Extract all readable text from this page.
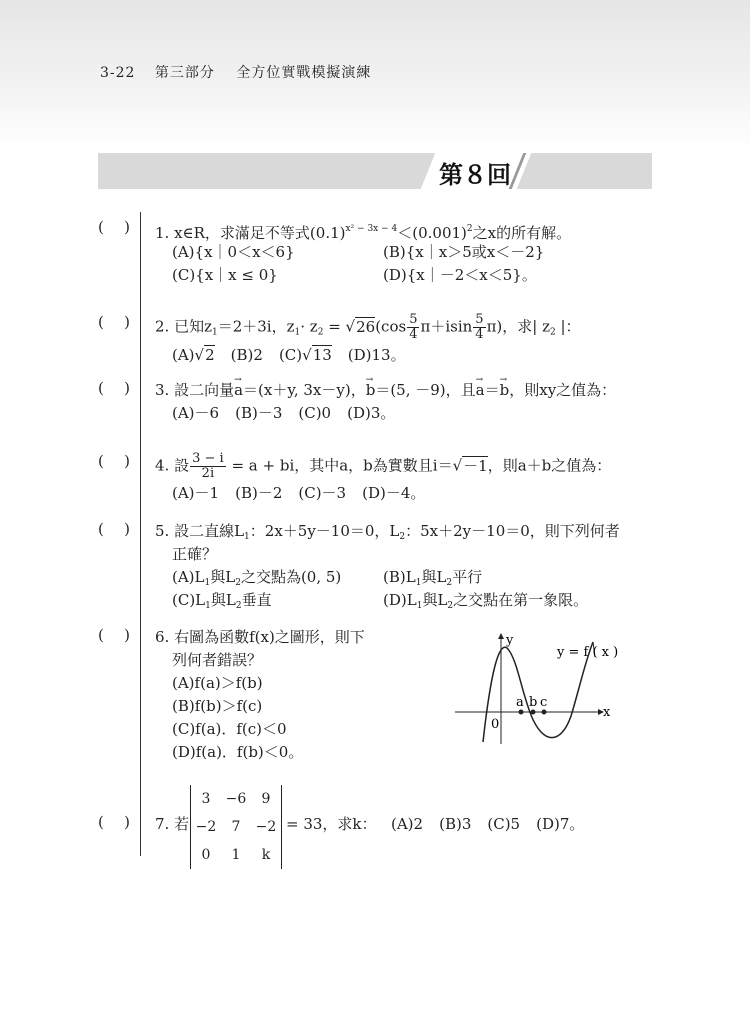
3-22 第三部分 全方位實戰模擬演練
第８回
( ) 1. x∈R，求滿足不等式$(0.1)^{x^2 - 3x - 4}<(0.001)^2$之x的所有解。
(A){x｜0＜x＜6}	(B){x｜x＞5或x＜－2}
(C){x｜x ≤ 0}	(D){x｜－2＜x＜5}。
( ) 2. 已知$z_1=2+3i$，$z_1\cdot z_2 = √26(\cos \frac{5}{4} \pi+isin \frac{5}{4} \pi)$，求| $z_2$ |：
(A)√2 (B)2 (C)√13 (D)13。
( ) 3. 設二向量→ a＝(x＋y, 3x－y)，→ b＝(5, －9)，且→ a＝→ b，則xy之值為：
(A)－6 (B)－3 (C)0 (D)3。
( ) 4. 設 $\frac{3 - i}{2i} = a$ + bi，其中a，b為實數且i＝√－1，則a＋b之值為：
(A)－1 (B)－2 (C)－3 (D)－4。
( ) 5. 設二直線$L_1$：2x＋5y－10＝0，$L_2$：5x＋2y－10＝0，則下列何者
正確？
$(A)L_1$與$L_2$之交點為(0, 5)	$(B)L_1$與$L_2$平行
$(C)L_1$與$L_2$垂直	$(D)L_1$與$L_2$之交點在第一象限。
( ) 6. 右圖為函數f(x)之圖形，則下
列何者錯誤？
(A)f(a)＞f(b)
(B)f(b)＞f(c)
(C)f(a)．f(c)＜0
(D)f(a)．f(b)＜0。
y
x
y = f ( x )
0
a b c
( ) 7. 若
3	−6	9
−2	7	−2
0	1	k
= 33，求k： (A)2 (B)3 (C)5 (D)7。
